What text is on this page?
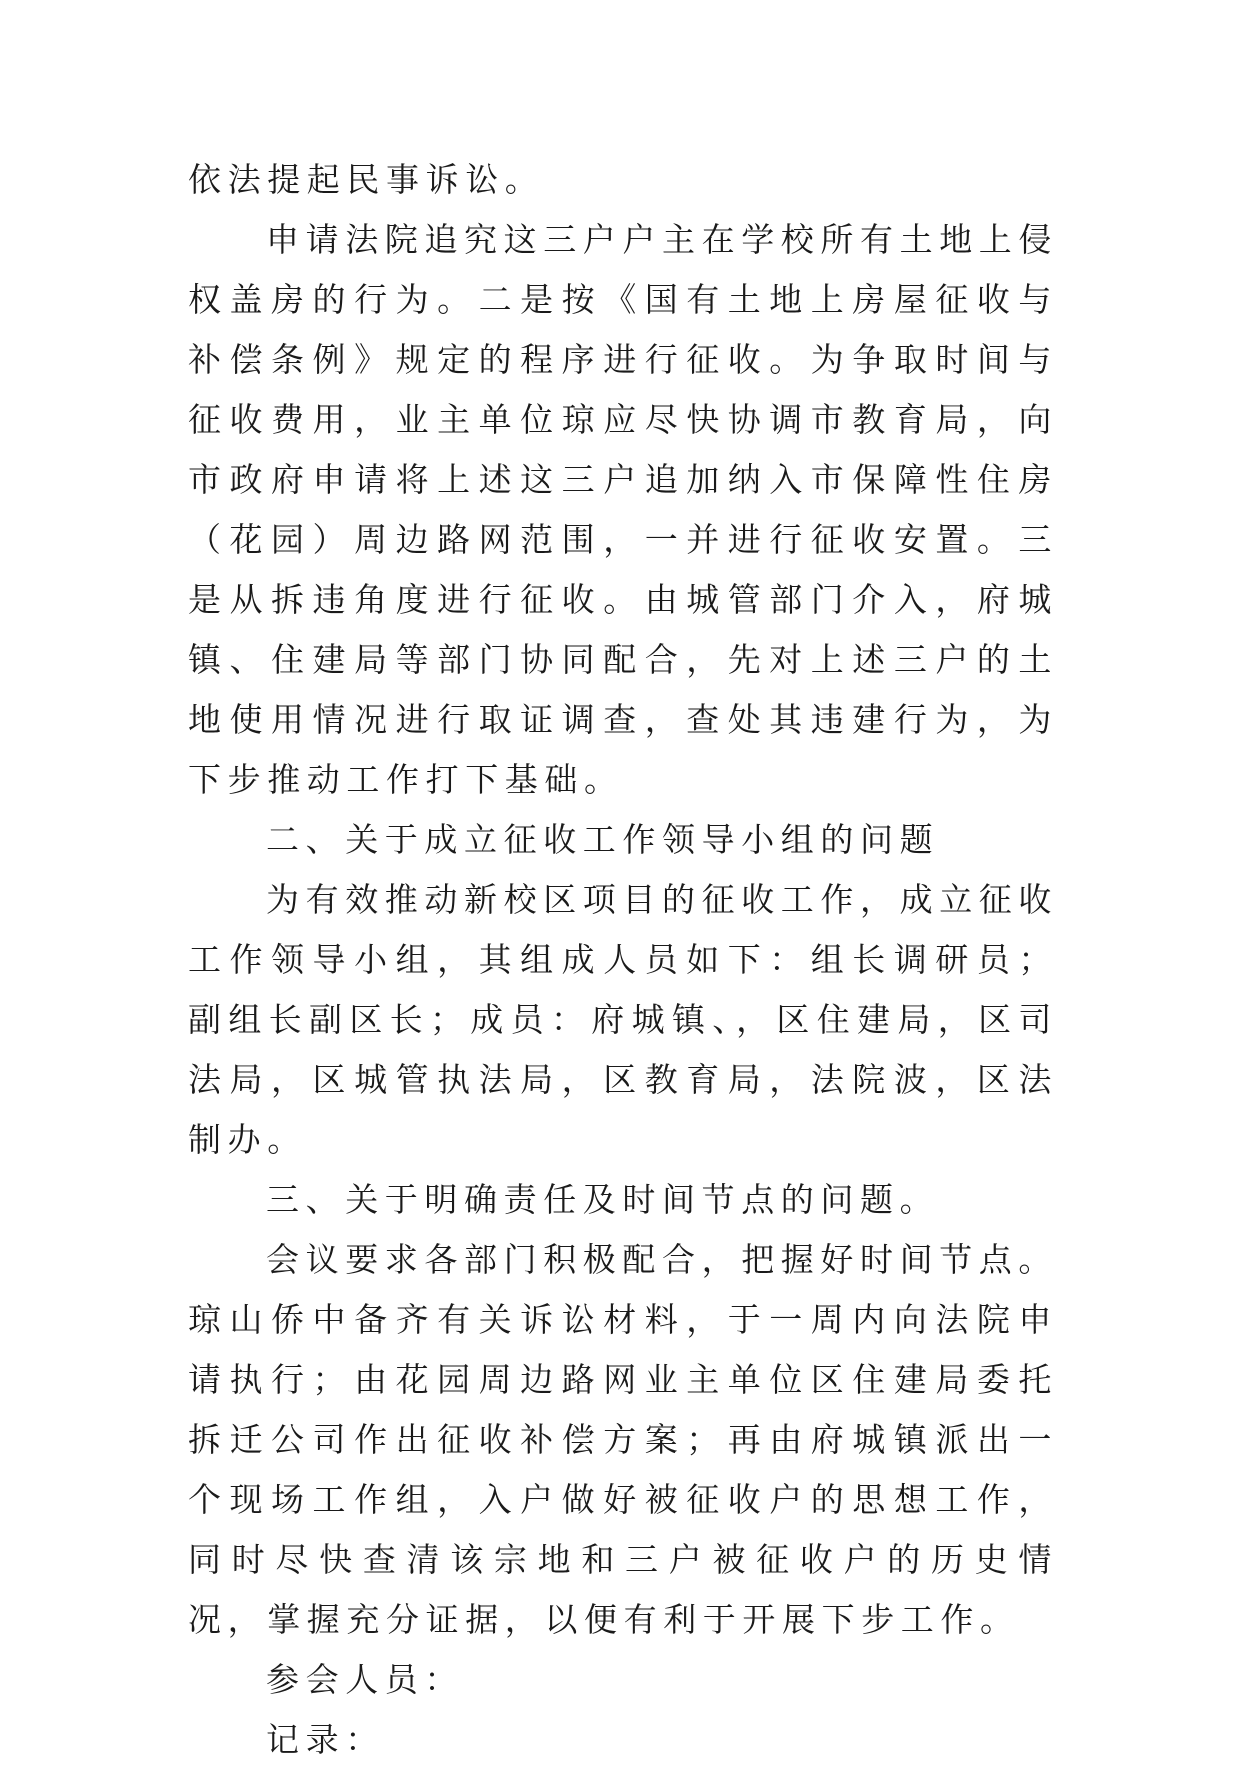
依法提起民事诉讼。

申请法院追究这三户户主在学校所有土地上侵权盖房的行为。二是按《国有土地上房屋征收与补偿条例》规定的程序进行征收。为争取时间与征收费用，业主单位琼应尽快协调市教育局，向市政府申请将上述这三户追加纳入市保障性住房（花园）周边路网范围，一并进行征收安置。三是从拆违角度进行征收。由城管部门介入，府城镇、住建局等部门协同配合，先对上述三户的土地使用情况进行取证调查，查处其违建行为，为下步推动工作打下基础。

二、关于成立征收工作领导小组的问题

为有效推动新校区项目的征收工作，成立征收工作领导小组，其组成人员如下：组长调研员；副组长副区长；成员：府城镇、，区住建局，区司法局，区城管执法局，区教育局，法院波，区法制办。

三、关于明确责任及时间节点的问题。

会议要求各部门积极配合，把握好时间节点。琼山侨中备齐有关诉讼材料，于一周内向法院申请执行；由花园周边路网业主单位区住建局委托拆迁公司作出征收补偿方案；再由府城镇派出一个现场工作组，入户做好被征收户的思想工作，同时尽快查清该宗地和三户被征收户的历史情况，掌握充分证据，以便有利于开展下步工作。

参会人员：

记录：
